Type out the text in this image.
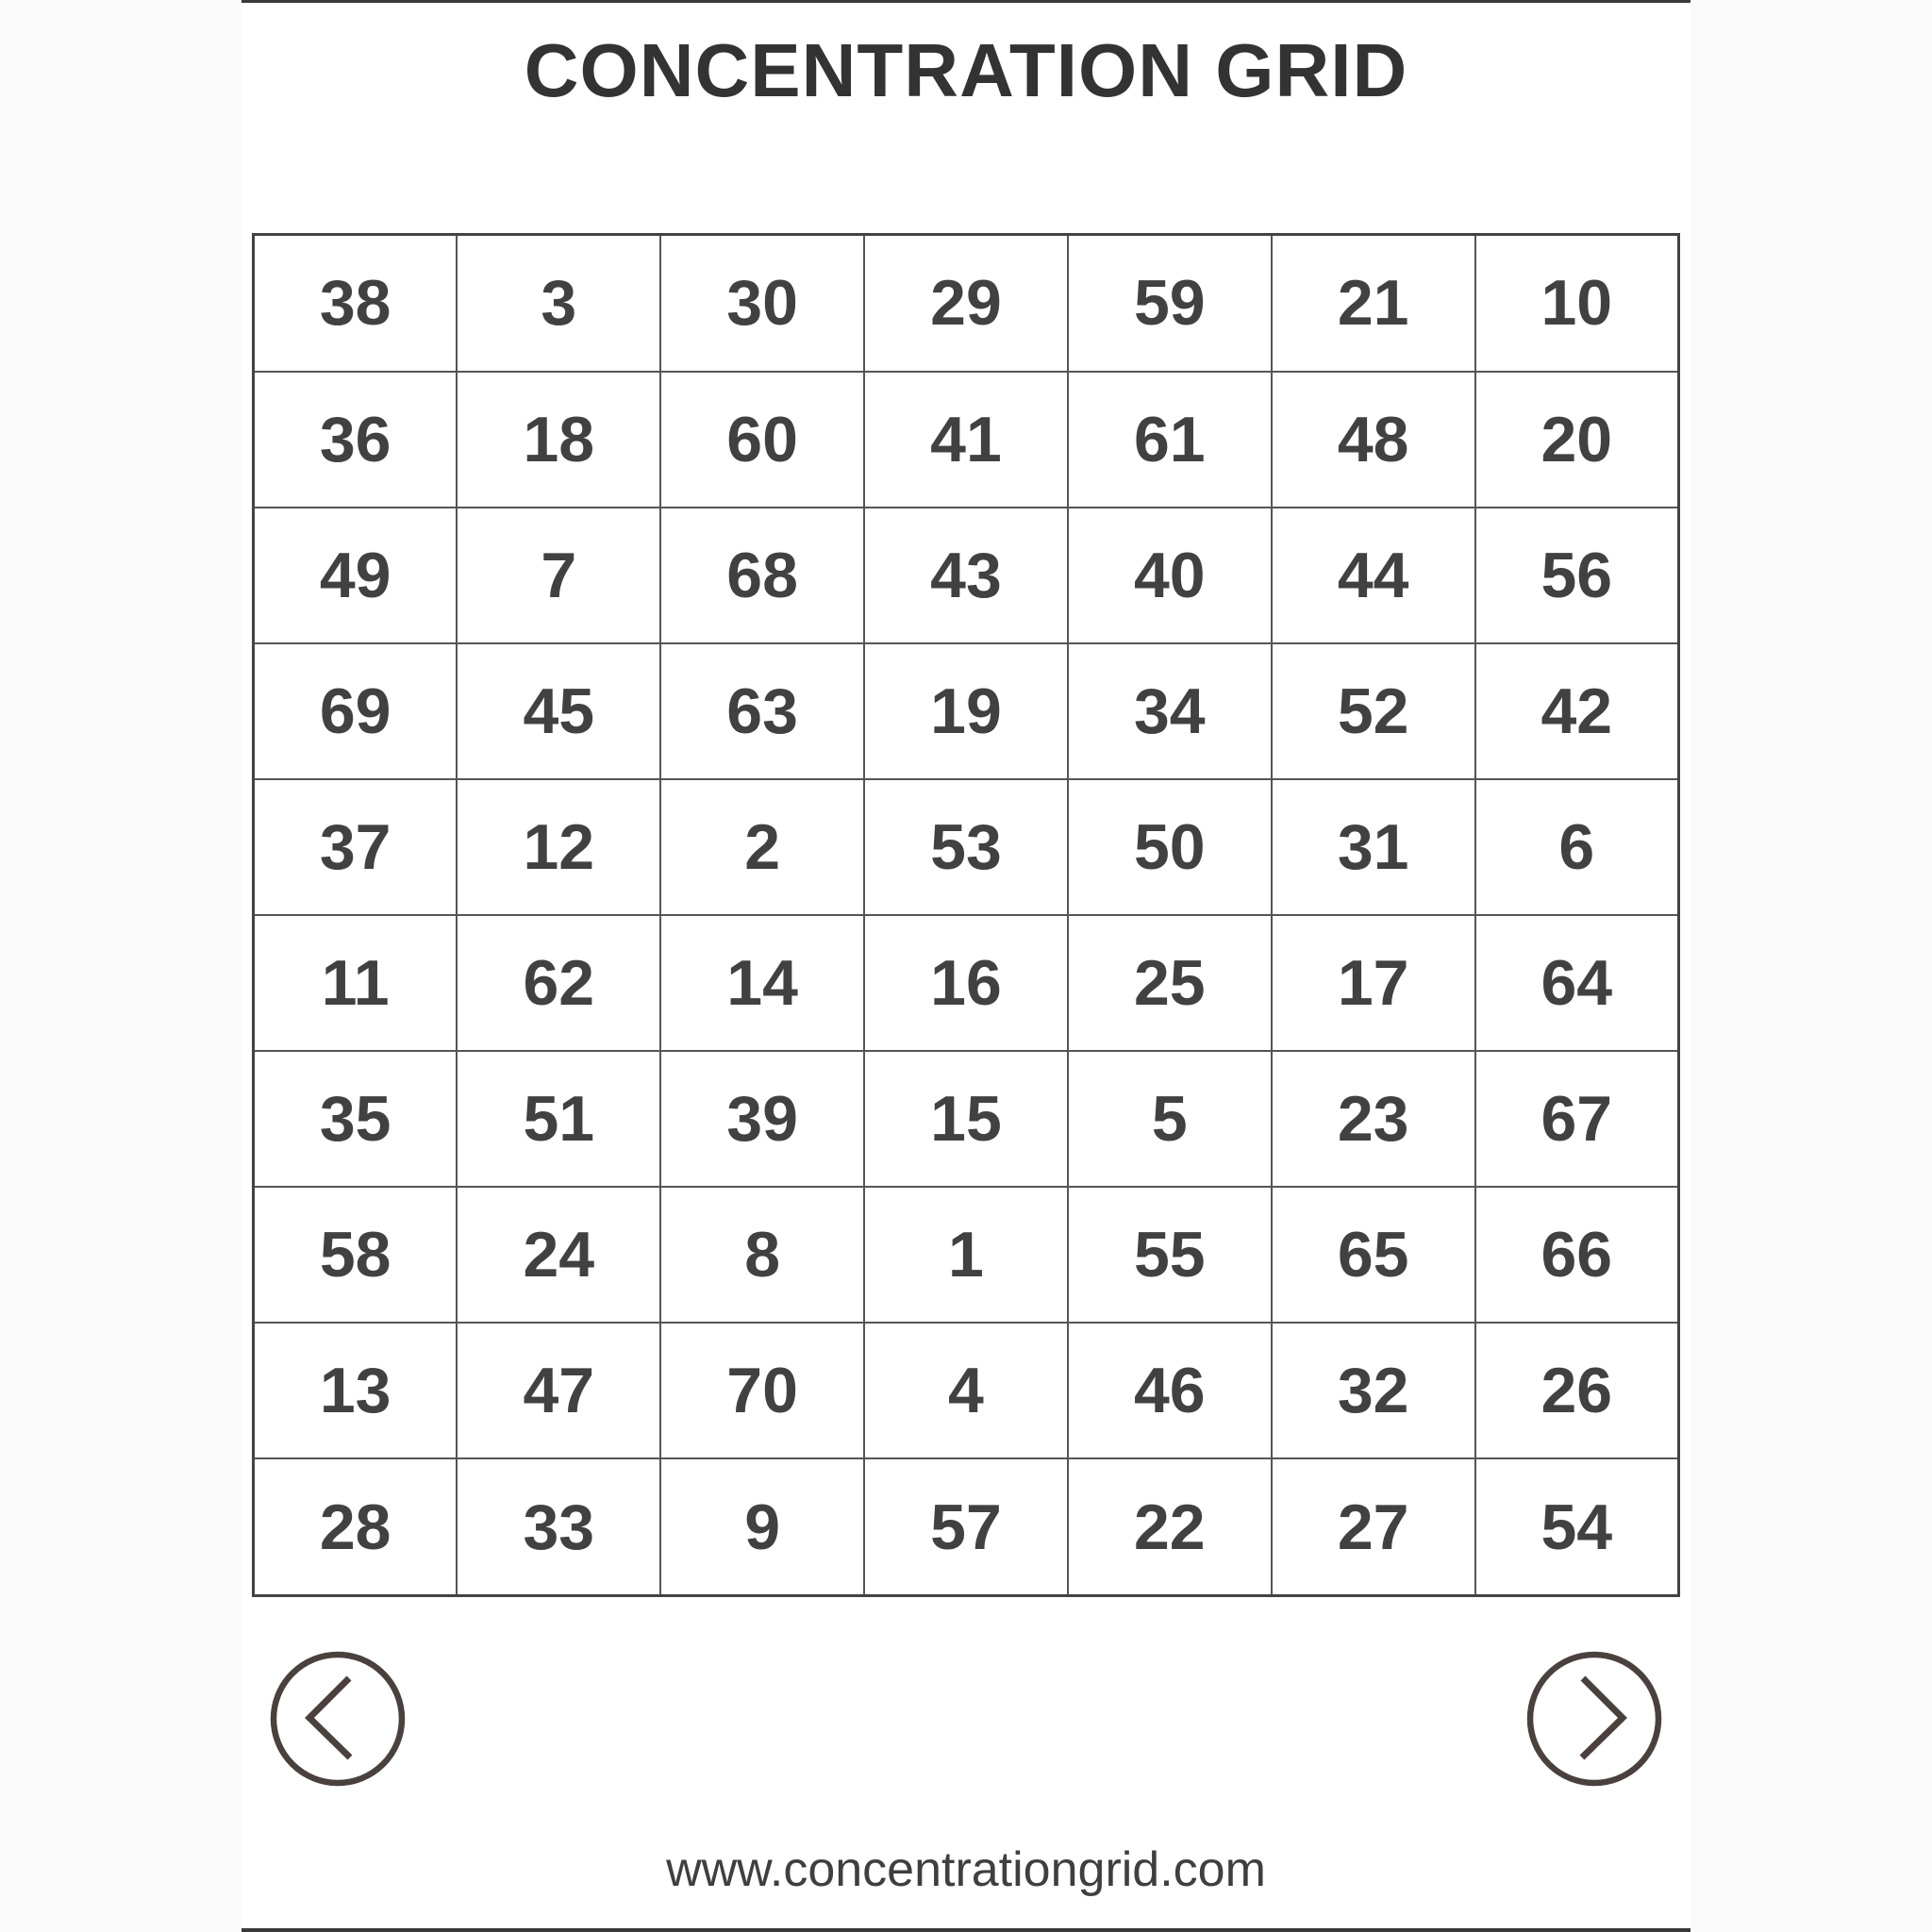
CONCENTRATION GRID
38	3	30	29	59	21	10
36	18	60	41	61	48	20
49	7	68	43	40	44	56
69	45	63	19	34	52	42
37	12	2	53	50	31	6
11	62	14	16	25	17	64
35	51	39	15	5	23	67
58	24	8	1	55	65	66
13	47	70	4	46	32	26
28	33	9	57	22	27	54
www.concentrationgrid.com
